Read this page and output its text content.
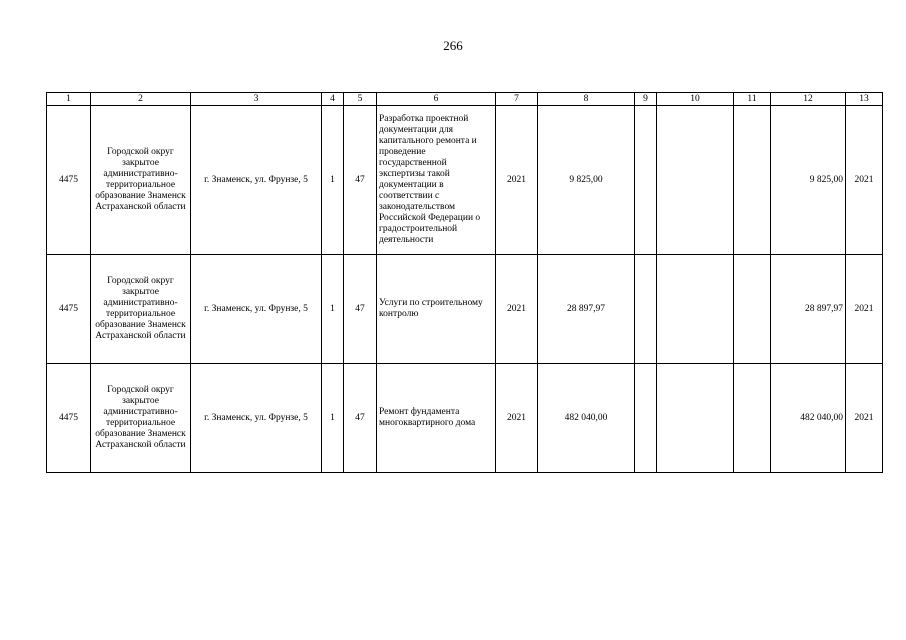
266
1	2	3	4	5	6	7	8	9	10	11	12	13
4475	Городской округ закрытое административно-территориальное образование Знаменск Астраханской области	г. Знаменск, ул. Фрунзе, 5	1	47	Разработка проектной документации для капитального ремонта и проведение государственной экспертизы такой документации в соответствии с законодательством Российской Федерации о градостроительной деятельности	2021	9 825,00				9 825,00	2021
4475	Городской округ закрытое административно-территориальное образование Знаменск Астраханской области	г. Знаменск, ул. Фрунзе, 5	1	47	Услуги по строительному контролю	2021	28 897,97				28 897,97	2021
4475	Городской округ закрытое административно-территориальное образование Знаменск Астраханской области	г. Знаменск, ул. Фрунзе, 5	1	47	Ремонт фундамента многоквартирного дома	2021	482 040,00				482 040,00	2021
